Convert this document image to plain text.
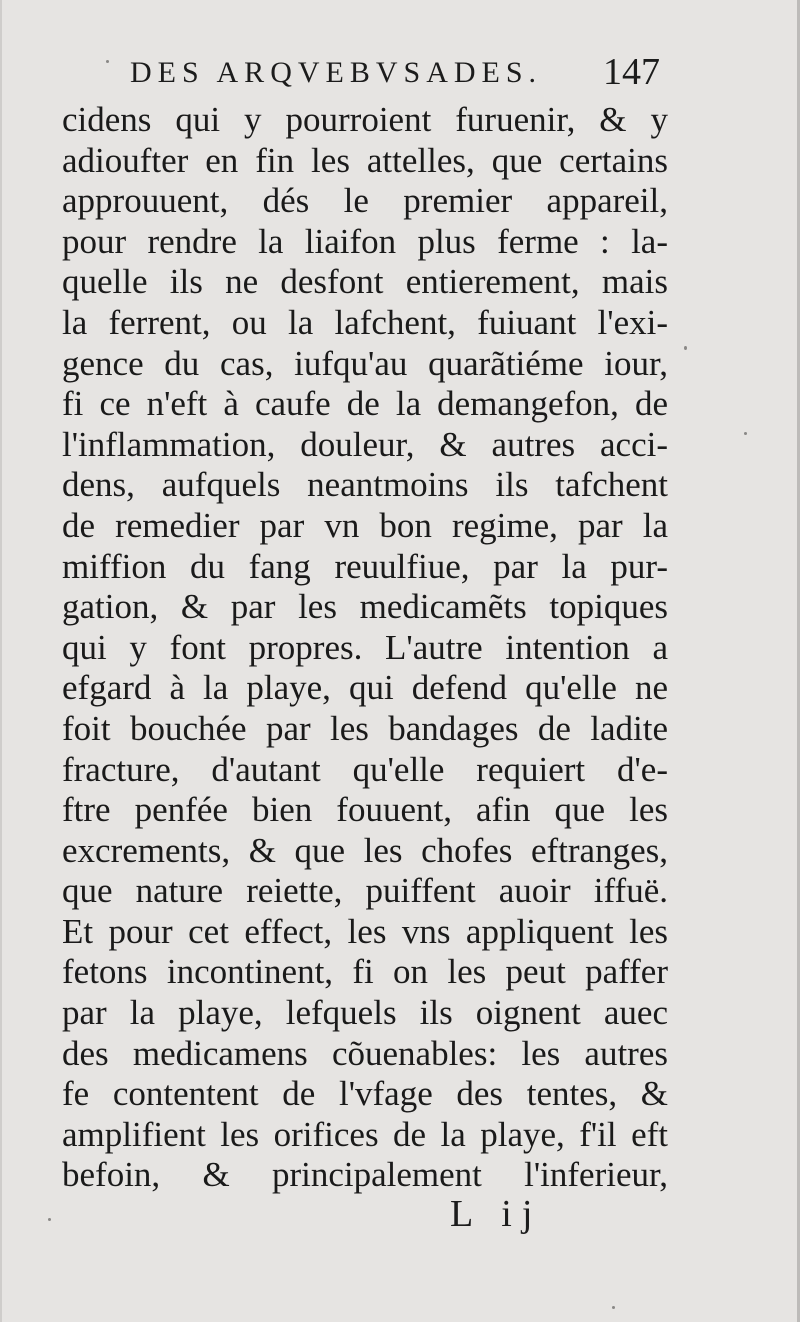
DES ARQVEBVSADES. 147
cidens qui y pourroient furuenir, & y
adioufter en fin les attelles, que certains
approuuent, dés le premier appareil,
pour rendre la liaifon plus ferme : la-
quelle ils ne desfont entierement, mais
la ferrent, ou la lafchent, fuiuant l'exi-
gence du cas, iufqu'au quarãtiéme iour,
fi ce n'eft à caufe de la demangefon, de
l'inflammation, douleur, & autres acci-
dens, aufquels neantmoins ils tafchent
de remedier par vn bon regime, par la
miffion du fang reuulfiue, par la pur-
gation, & par les medicamẽts topiques
qui y font propres. L'autre intention a
efgard à la playe, qui defend qu'elle ne
foit bouchée par les bandages de ladite
fracture, d'autant qu'elle requiert d'e-
ftre penfée bien fouuent, afin que les
excrements, & que les chofes eftranges,
que nature reiette, puiffent auoir iffuë.
Et pour cet effect, les vns appliquent les
fetons incontinent, fi on les peut paffer
par la playe, lefquels ils oignent auec
des medicamens cõuenables: les autres
fe contentent de l'vfage des tentes, &
amplifient les orifices de la playe, f'il eft
befoin, & principalement l'inferieur,
L ij
